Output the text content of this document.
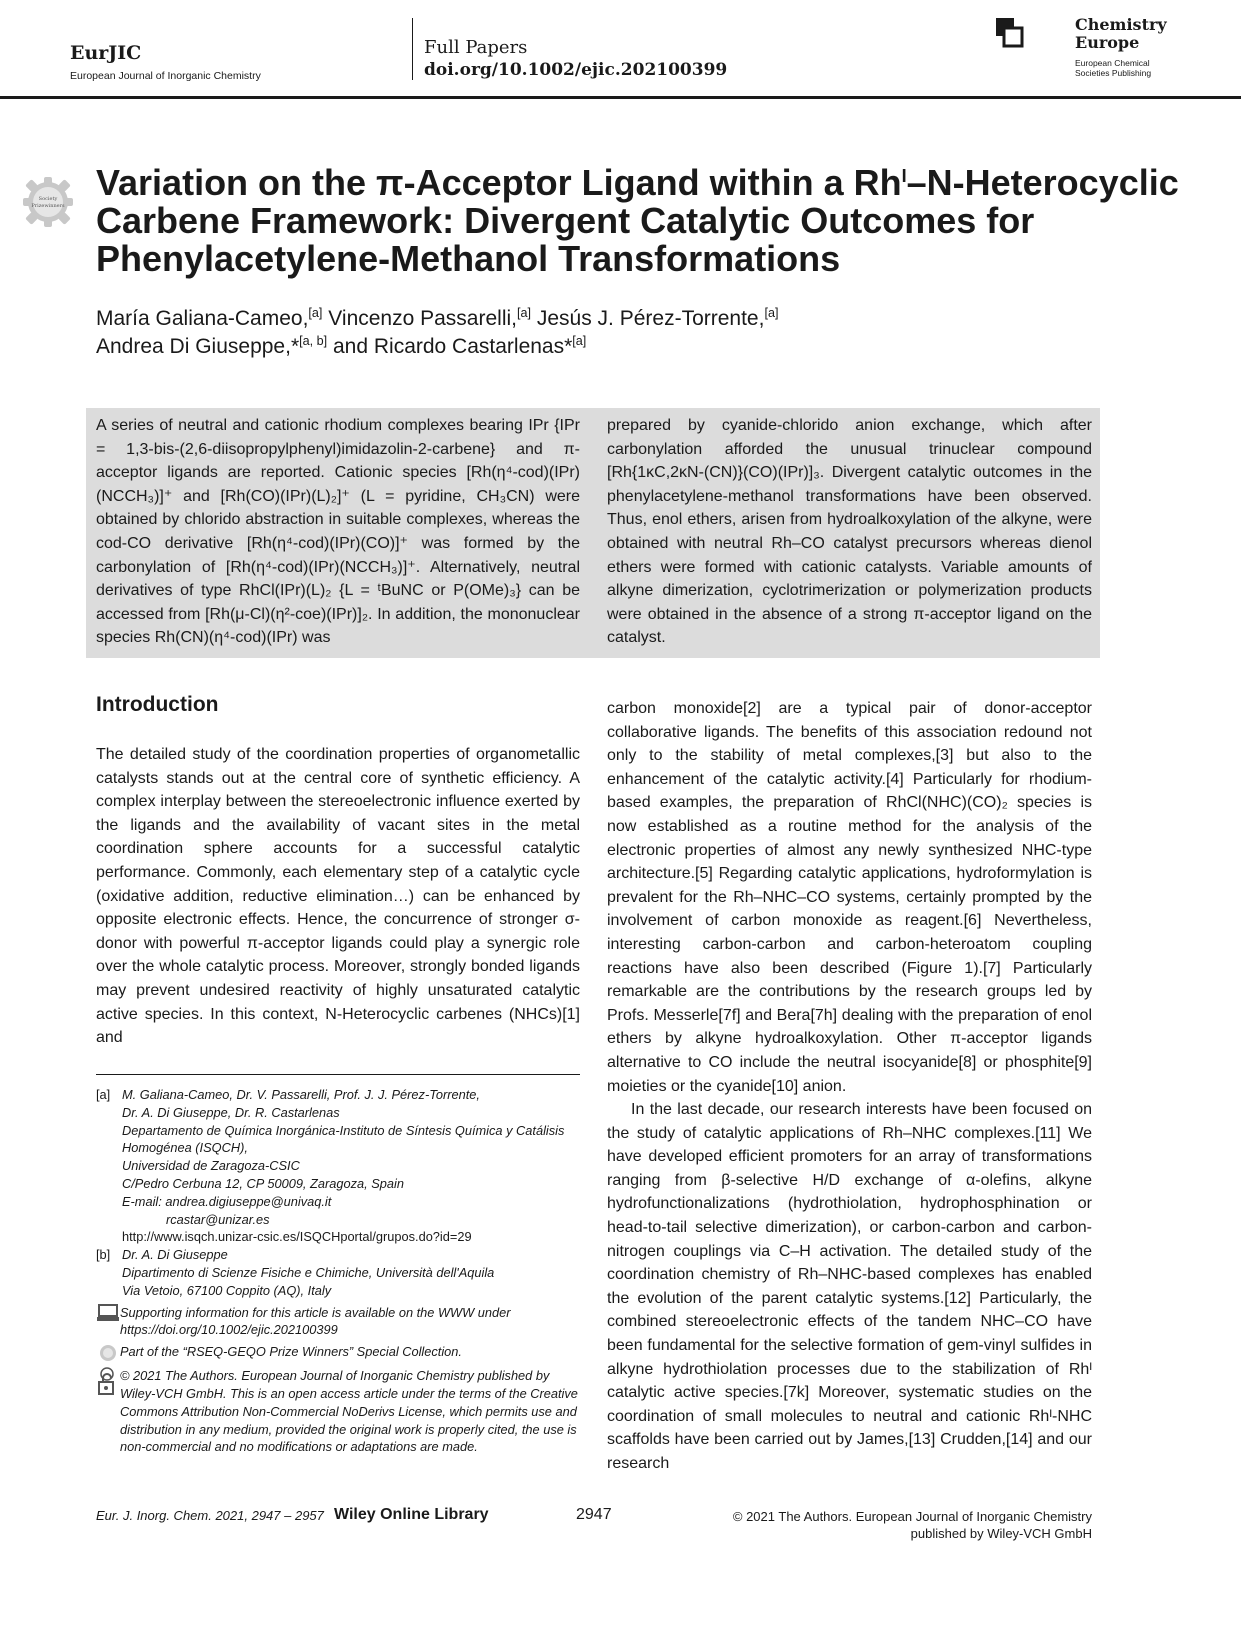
EurJIC
European Journal of Inorganic Chemistry
Full Papers
doi.org/10.1002/ejic.202100399
Chemistry
Europe
European Chemical
Societies Publishing
Society
Prizewinners
Variation on the π-Acceptor Ligand within a $Rh^I-N$-Heterocyclic Carbene Framework: Divergent Catalytic Outcomes for Phenylacetylene-Methanol Transformations
María Galiana-Cameo,[a] Vincenzo Passarelli,[a] Jesús J. Pérez-Torrente,[a]
Andrea Di Giuseppe,*[a, b] and Ricardo Castarlenas*[a]
A series of neutral and cationic rhodium complexes bearing IPr {IPr = 1,3-bis-(2,6-diisopropylphenyl)imidazolin-2-carbene} and π-acceptor ligands are reported. Cationic species [Rh(η⁴-cod)(IPr)(NCCH₃)]⁺ and [Rh(CO)(IPr)(L)₂]⁺ (L = pyridine, CH₃CN) were obtained by chlorido abstraction in suitable complexes, whereas the cod-CO derivative [Rh(η⁴-cod)(IPr)(CO)]⁺ was formed by the carbonylation of [Rh(η⁴-cod)(IPr)(NCCH₃)]⁺. Alternatively, neutral derivatives of type RhCl(IPr)(L)₂ {L = ᵗBuNC or P(OMe)₃} can be accessed from [Rh(μ-Cl)(η²-coe)(IPr)]₂. In addition, the mononuclear species Rh(CN)(η⁴-cod)(IPr) was
prepared by cyanide-chlorido anion exchange, which after carbonylation afforded the unusual trinuclear compound [Rh{1κC,2κN-(CN)}(CO)(IPr)]₃. Divergent catalytic outcomes in the phenylacetylene-methanol transformations have been observed. Thus, enol ethers, arisen from hydroalkoxylation of the alkyne, were obtained with neutral Rh–CO catalyst precursors whereas dienol ethers were formed with cationic catalysts. Variable amounts of alkyne dimerization, cyclotrimerization or polymerization products were obtained in the absence of a strong π-acceptor ligand on the catalyst.
Introduction
The detailed study of the coordination properties of organometallic catalysts stands out at the central core of synthetic efficiency. A complex interplay between the stereoelectronic influence exerted by the ligands and the availability of vacant sites in the metal coordination sphere accounts for a successful catalytic performance. Commonly, each elementary step of a catalytic cycle (oxidative addition, reductive elimination…) can be enhanced by opposite electronic effects. Hence, the concurrence of stronger σ-donor with powerful π-acceptor ligands could play a synergic role over the whole catalytic process. Moreover, strongly bonded ligands may prevent undesired reactivity of highly unsaturated catalytic active species. In this context, N-Heterocyclic carbenes (NHCs)[1] and
carbon monoxide[2] are a typical pair of donor-acceptor collaborative ligands. The benefits of this association redound not only to the stability of metal complexes,[3] but also to the enhancement of the catalytic activity.[4] Particularly for rhodium-based examples, the preparation of RhCl(NHC)(CO)₂ species is now established as a routine method for the analysis of the electronic properties of almost any newly synthesized NHC-type architecture.[5] Regarding catalytic applications, hydroformylation is prevalent for the Rh–NHC–CO systems, certainly prompted by the involvement of carbon monoxide as reagent.[6] Nevertheless, interesting carbon-carbon and carbon-heteroatom coupling reactions have also been described (Figure 1).[7] Particularly remarkable are the contributions by the research groups led by Profs. Messerle[7f] and Bera[7h] dealing with the preparation of enol ethers by alkyne hydroalkoxylation. Other π-acceptor ligands alternative to CO include the neutral isocyanide[8] or phosphite[9] moieties or the cyanide[10] anion.
In the last decade, our research interests have been focused on the study of catalytic applications of Rh–NHC complexes.[11] We have developed efficient promoters for an array of transformations ranging from β-selective H/D exchange of α-olefins, alkyne hydrofunctionalizations (hydrothiolation, hydrophosphination or head-to-tail selective dimerization), or carbon-carbon and carbon-nitrogen couplings via C–H activation. The detailed study of the coordination chemistry of Rh–NHC-based complexes has enabled the evolution of the parent catalytic systems.[12] Particularly, the combined stereoelectronic effects of the tandem NHC–CO have been fundamental for the selective formation of gem-vinyl sulfides in alkyne hydrothiolation processes due to the stabilization of Rhᴵ catalytic active species.[7k] Moreover, systematic studies on the coordination of small molecules to neutral and cationic Rhᴵ-NHC scaffolds have been carried out by James,[13] Crudden,[14] and our research
[a] M. Galiana-Cameo, Dr. V. Passarelli, Prof. J. J. Pérez-Torrente,
Dr. A. Di Giuseppe, Dr. R. Castarlenas
Departamento de Química Inorgánica-Instituto de Síntesis Química y Catálisis Homogénea (ISQCH),
Universidad de Zaragoza-CSIC
C/Pedro Cerbuna 12, CP 50009, Zaragoza, Spain
E-mail: andrea.digiuseppe@univaq.it
rcastar@unizar.es
http://www.isqch.unizar-csic.es/ISQCHportal/grupos.do?id=29
[b] Dr. A. Di Giuseppe
Dipartimento di Scienze Fisiche e Chimiche, Università dell'Aquila
Via Vetoio, 67100 Coppito (AQ), Italy
Supporting information for this article is available on the WWW under https://doi.org/10.1002/ejic.202100399
Part of the “RSEQ-GEQO Prize Winners” Special Collection.
© 2021 The Authors. European Journal of Inorganic Chemistry published by Wiley-VCH GmbH. This is an open access article under the terms of the Creative Commons Attribution Non-Commercial NoDerivs License, which permits use and distribution in any medium, provided the original work is properly cited, the use is non-commercial and no modifications or adaptations are made.
Eur. J. Inorg. Chem. 2021, 2947 – 2957 Wiley Online Library	2947	© 2021 The Authors. European Journal of Inorganic Chemistry
published by Wiley-VCH GmbH
